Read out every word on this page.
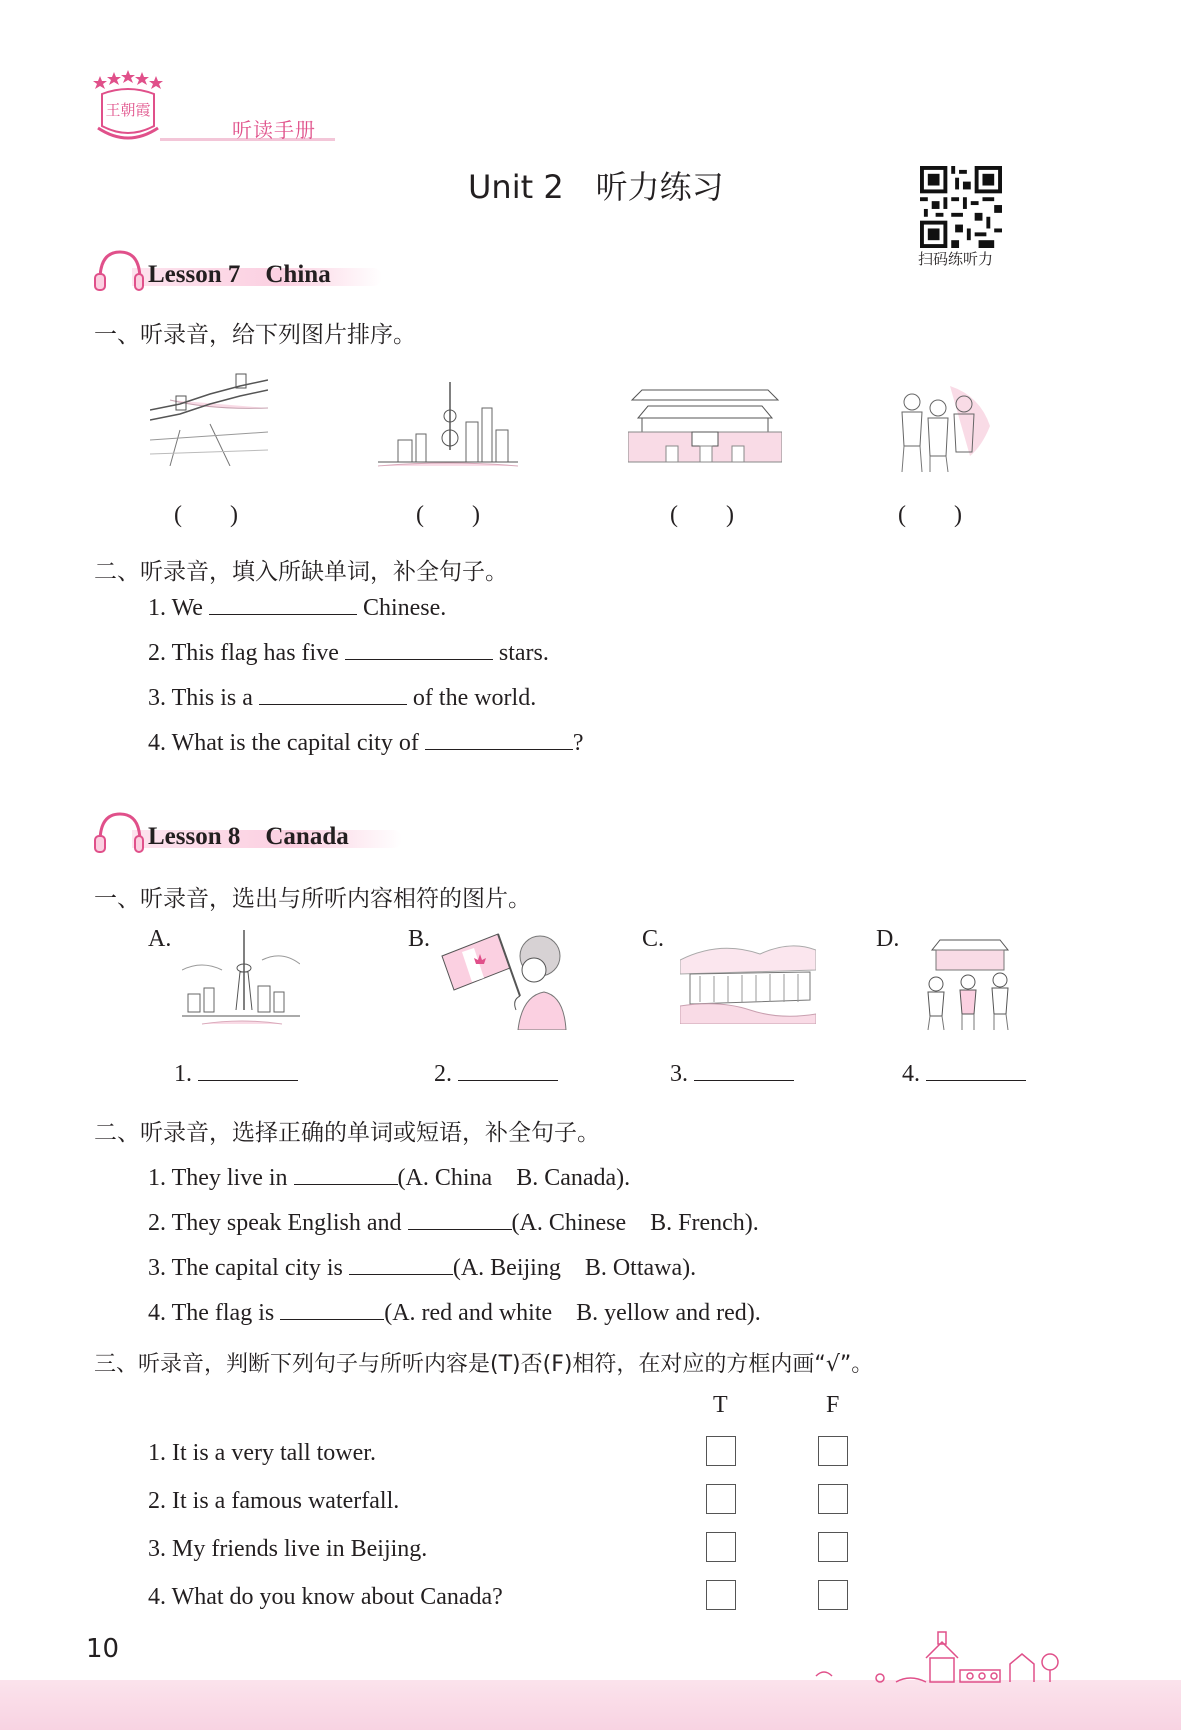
王朝霞
听读手册
Unit 2　听力练习
扫码练听力
Lesson 7　China
一、听录音，给下列图片排序。
(　　)	(　　)	(　　)	(　　)
二、听录音，填入所缺单词，补全句子。
1. We	Chinese.
2. This flag has five	stars.
3. This is a	of the world.
4. What is the capital city of	?
Lesson 8　Canada
一、听录音，选出与所听内容相符的图片。
A.	B.	C.	D.
1.	2.	3.	4.
二、听录音，选择正确的单词或短语，补全句子。
1. They live in	(A. China　B. Canada).
2. They speak English and	(A. Chinese　B. French).
3. The capital city is	(A. Beijing　B. Ottawa).
4. The flag is	(A. red and white　B. yellow and red).
三、听录音，判断下列句子与所听内容是(T)否(F)相符，在对应的方框内画“√”。
T	F
1. It is a very tall tower.
2. It is a famous waterfall.
3. My friends live in Beijing.
4. What do you know about Canada?
10
